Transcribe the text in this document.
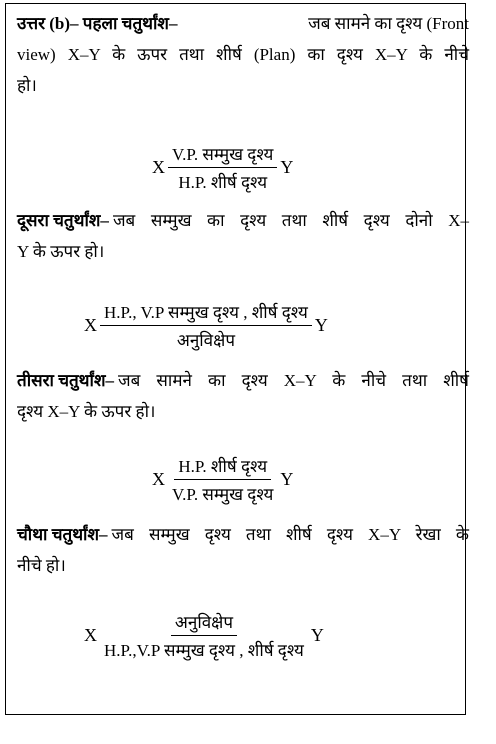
उत्तर (b)– पहला चतुर्थांश–	जब सामने का दृश्य (Front
view) X–Y के ऊपर तथा शीर्ष (Plan) का दृश्य X–Y के नीचे
हो।
X $\frac{\text{V.P. सम्मुख दृश्य}}{\text{H.P. शीर्ष दृश्य}}$ Y
दूसरा चतुर्थांश– जब सम्मुख का दृश्य तथा शीर्ष दृश्य दोनो X–
Y के ऊपर हो।
X $\frac{\text{H.P., V.P सम्मुख दृश्य , शीर्ष दृश्य}}{\text{अनुविक्षेप}}$ Y
तीसरा चतुर्थांश– जब सामने का दृश्य X–Y के नीचे तथा शीर्ष
दृश्य X–Y के ऊपर हो।
X $\frac{\text{H.P. शीर्ष दृश्य}}{\text{V.P. सम्मुख दृश्य}}$ Y
चौथा चतुर्थांश– जब सम्मुख दृश्य तथा शीर्ष दृश्य X–Y रेखा के
नीचे हो।
X $\frac{\text{अनुविक्षेप}}{\text{H.P.,V.P सम्मुख दृश्य , शीर्ष दृश्य}}$ Y
